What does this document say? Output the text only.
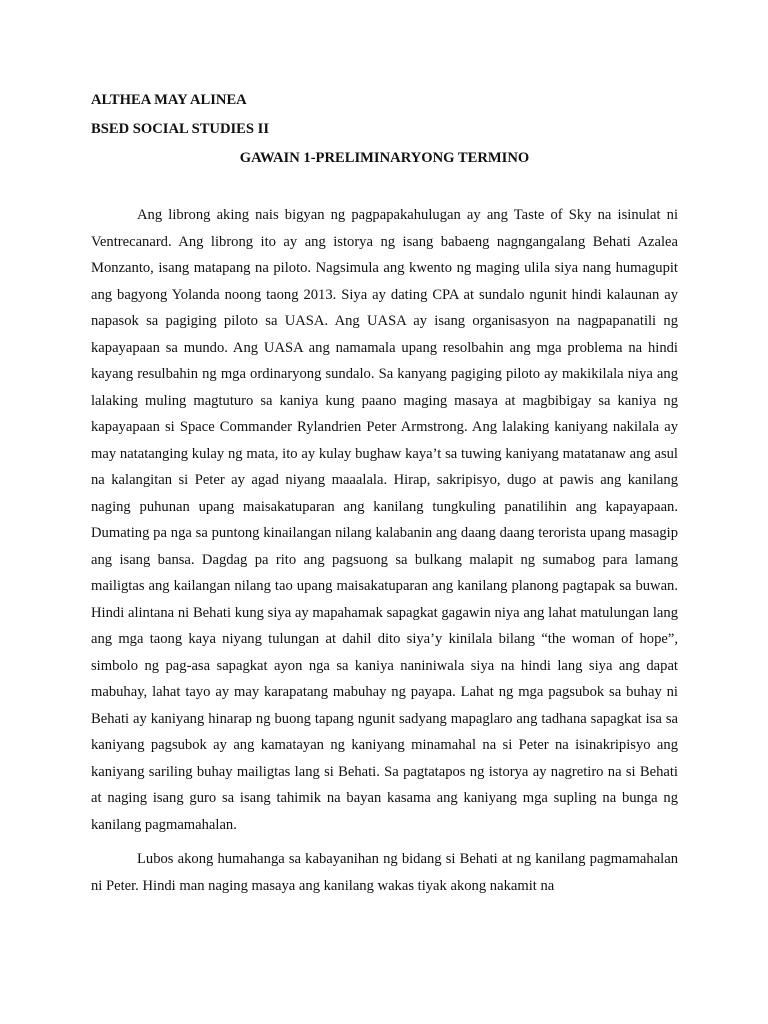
ALTHEA MAY ALINEA

BSED SOCIAL STUDIES II

GAWAIN 1-PRELIMINARYONG TERMINO

Ang librong aking nais bigyan ng pagpapakahulugan ay ang Taste of Sky na isinulat ni Ventrecanard. Ang librong ito ay ang istorya ng isang babaeng nagngangalang Behati Azalea Monzanto, isang matapang na piloto. Nagsimula ang kwento ng maging ulila siya nang humagupit ang bagyong Yolanda noong taong 2013. Siya ay dating CPA at sundalo ngunit hindi kalaunan ay napasok sa pagiging piloto sa UASA. Ang UASA ay isang organisasyon na nagpapanatili ng kapayapaan sa mundo. Ang UASA ang namamala upang resolbahin ang mga problema na hindi kayang resulbahin ng mga ordinaryong sundalo. Sa kanyang pagiging piloto ay makikilala niya ang lalaking muling magtuturo sa kaniya kung paano maging masaya at magbibigay sa kaniya ng kapayapaan si Space Commander Rylandrien Peter Armstrong. Ang lalaking kaniyang nakilala ay may natatanging kulay ng mata, ito ay kulay bughaw kaya’t sa tuwing kaniyang matatanaw ang asul na kalangitan si Peter ay agad niyang maaalala. Hirap, sakripisyo, dugo at pawis ang kanilang naging puhunan upang maisakatuparan ang kanilang tungkuling panatilihin ang kapayapaan. Dumating pa nga sa puntong kinailangan nilang kalabanin ang daang daang terorista upang masagip ang isang bansa. Dagdag pa rito ang pagsuong sa bulkang malapit ng sumabog para lamang mailigtas ang kailangan nilang tao upang maisakatuparan ang kanilang planong pagtapak sa buwan. Hindi alintana ni Behati kung siya ay mapahamak sapagkat gagawin niya ang lahat matulungan lang ang mga taong kaya niyang tulungan at dahil dito siya’y kinilala bilang “the woman of hope”, simbolo ng pag-asa sapagkat ayon nga sa kaniya naniniwala siya na hindi lang siya ang dapat mabuhay, lahat tayo ay may karapatang mabuhay ng payapa. Lahat ng mga pagsubok sa buhay ni Behati ay kaniyang hinarap ng buong tapang ngunit sadyang mapaglaro ang tadhana sapagkat isa sa kaniyang pagsubok ay ang kamatayan ng kaniyang minamahal na si Peter na isinakripisyo ang kaniyang sariling buhay mailigtas lang si Behati. Sa pagtatapos ng istorya ay nagretiro na si Behati at naging isang guro sa isang tahimik na bayan kasama ang kaniyang mga supling na bunga ng kanilang pagmamahalan.

Lubos akong humahanga sa kabayanihan ng bidang si Behati at ng kanilang pagmamahalan ni Peter. Hindi man naging masaya ang kanilang wakas tiyak akong nakamit na
